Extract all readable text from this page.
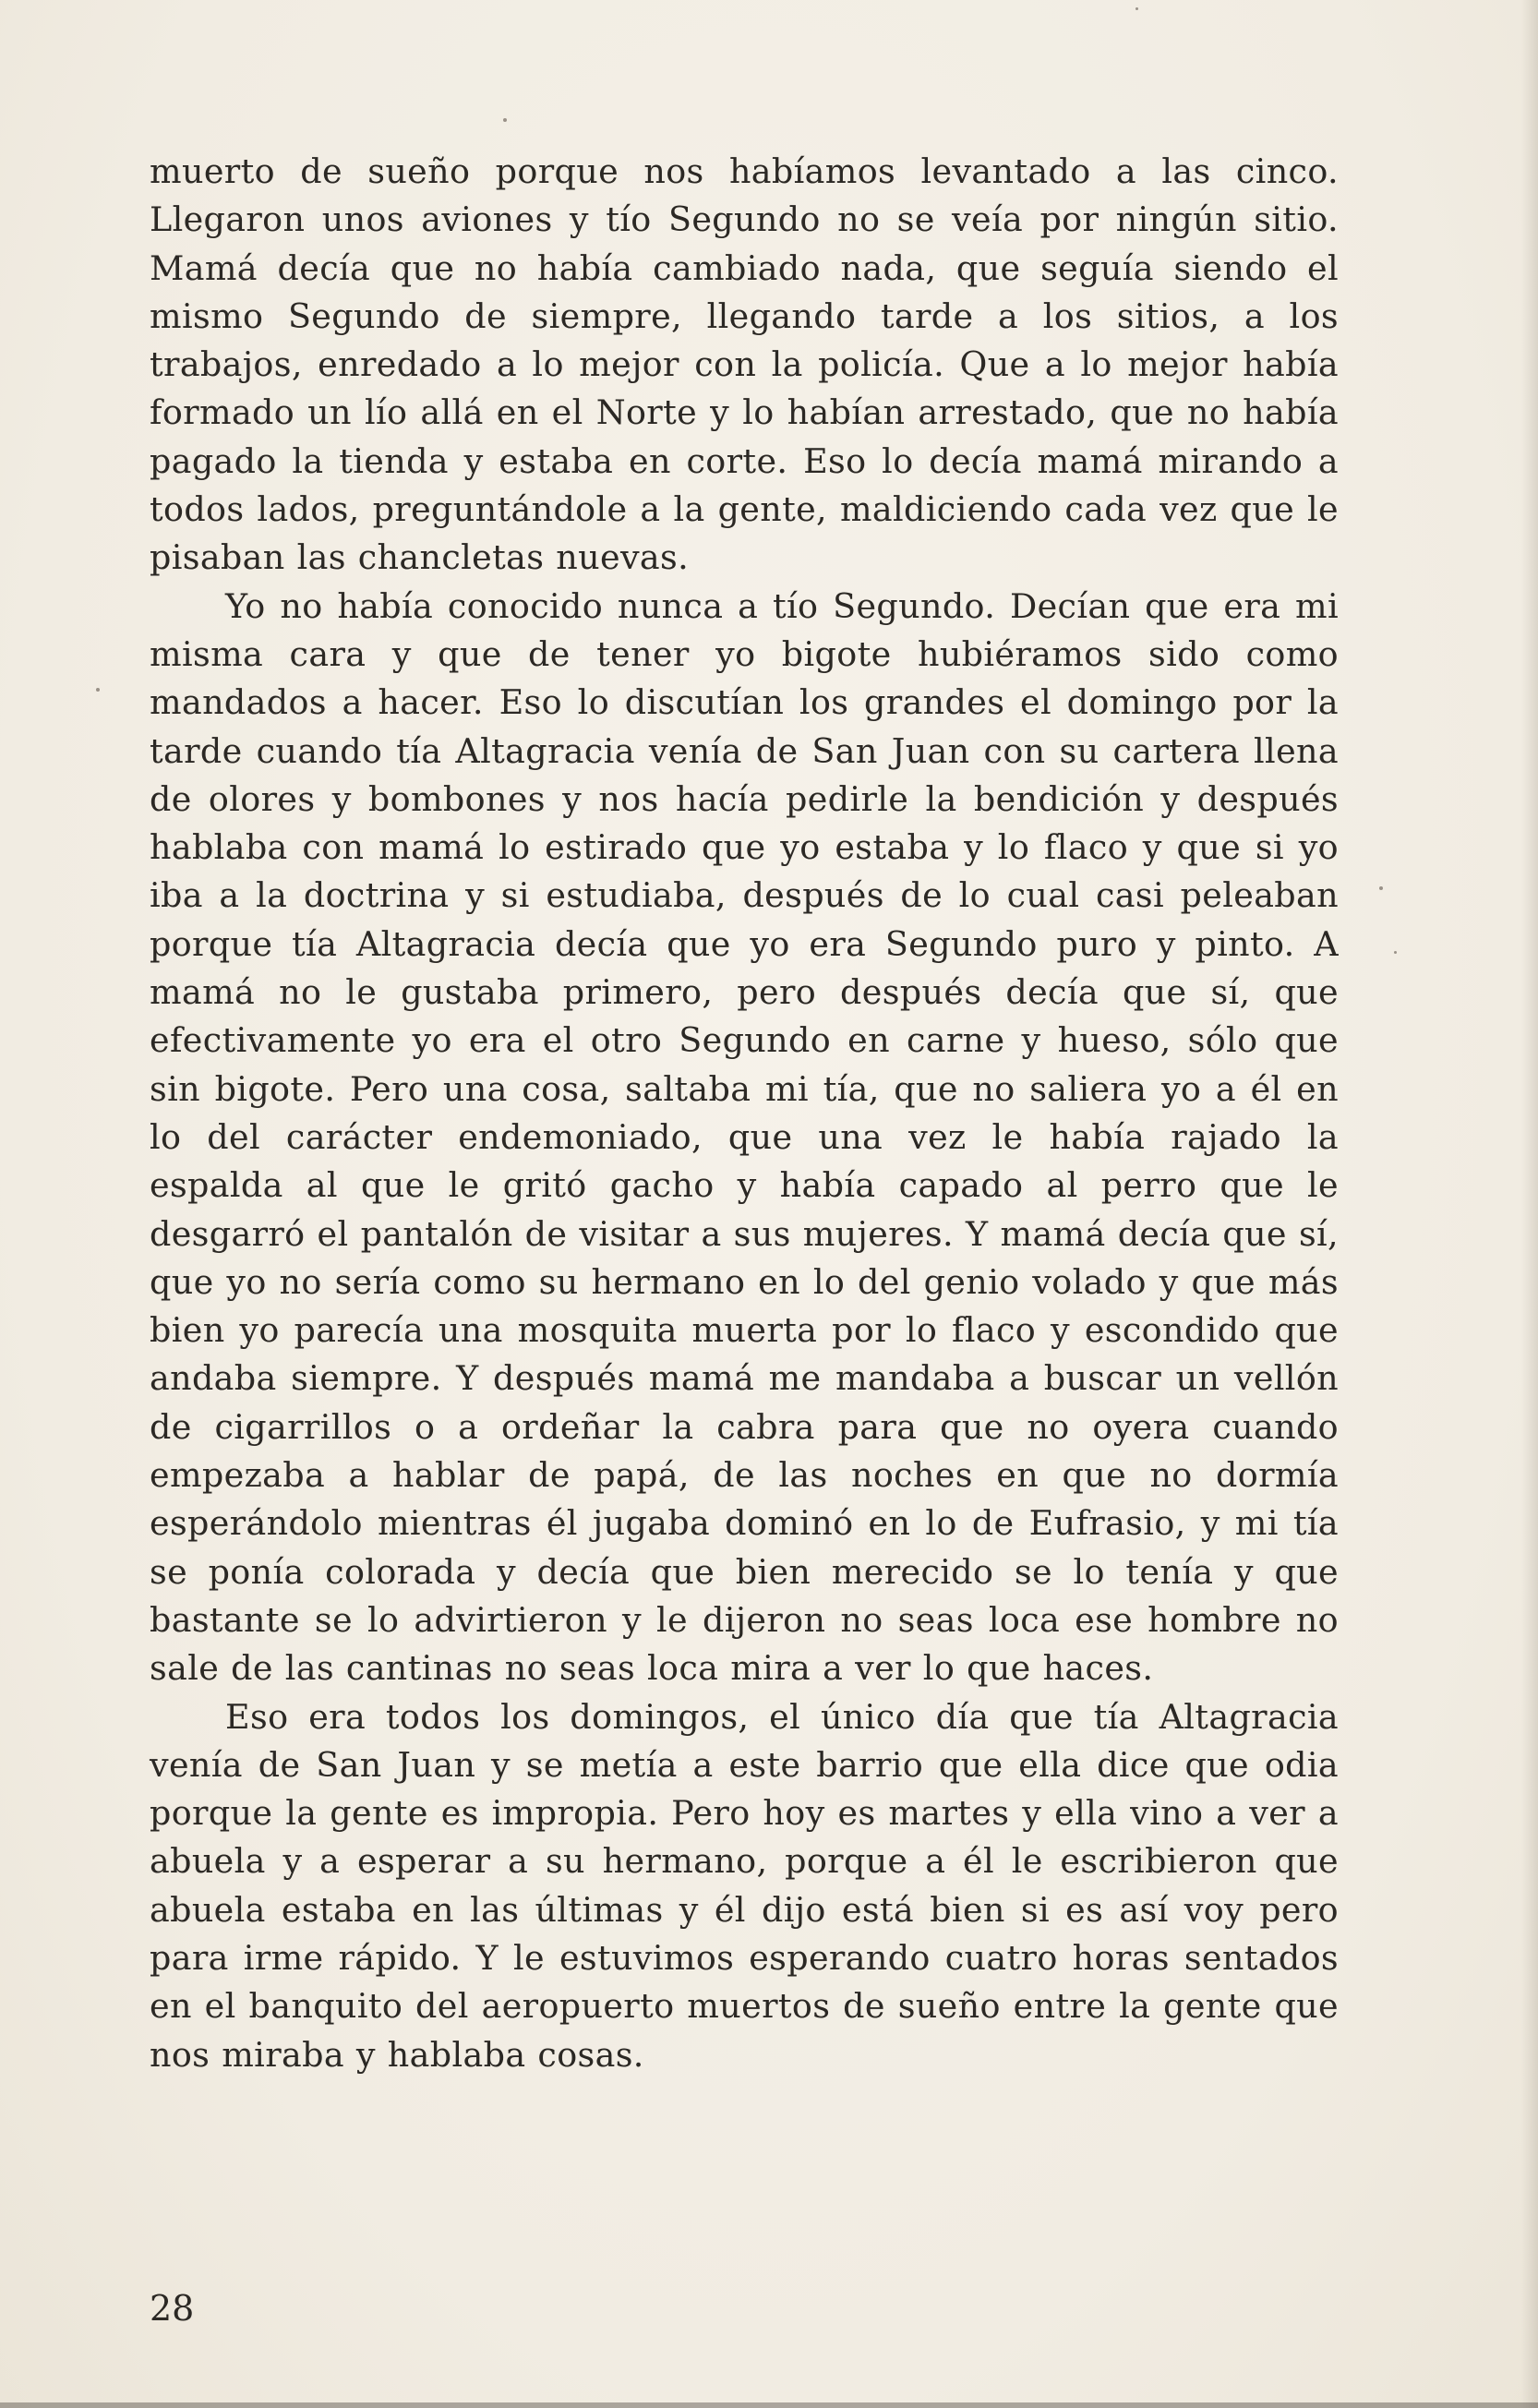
muerto de sueño porque nos habíamos levantado a las cinco. Llegaron unos aviones y tío Segundo no se veía por ningún sitio. Mamá decía que no había cambiado nada, que seguía siendo el mismo Segundo de siempre, llegando tarde a los sitios, a los trabajos, enredado a lo mejor con la policía. Que a lo mejor había formado un lío allá en el Norte y lo habían arrestado, que no había pagado la tienda y estaba en corte. Eso lo decía mamá mirando a todos lados, preguntándole a la gente, maldiciendo cada vez que le pisaban las chancletas nuevas.

Yo no había conocido nunca a tío Segundo. Decían que era mi misma cara y que de tener yo bigote hubiéramos sido como mandados a hacer. Eso lo discutían los grandes el domingo por la tarde cuando tía Altagracia venía de San Juan con su cartera llena de olores y bombones y nos hacía pedirle la bendición y después hablaba con mamá lo estirado que yo estaba y lo flaco y que si yo iba a la doctrina y si estudiaba, después de lo cual casi peleaban porque tía Altagracia decía que yo era Segundo puro y pinto. A mamá no le gustaba primero, pero después decía que sí, que efectivamente yo era el otro Segundo en carne y hueso, sólo que sin bigote. Pero una cosa, saltaba mi tía, que no saliera yo a él en lo del carácter endemoniado, que una vez le había rajado la espalda al que le gritó gacho y había capado al perro que le desgarró el pantalón de visitar a sus mujeres. Y mamá decía que sí, que yo no sería como su hermano en lo del genio volado y que más bien yo parecía una mosquita muerta por lo flaco y escondido que andaba siempre. Y después mamá me mandaba a buscar un vellón de cigarrillos o a ordeñar la cabra para que no oyera cuando empezaba a hablar de papá, de las noches en que no dormía esperándolo mientras él jugaba dominó en lo de Eufrasio, y mi tía se ponía colorada y decía que bien merecido se lo tenía y que bastante se lo advirtieron y le dijeron no seas loca ese hombre no sale de las cantinas no seas loca mira a ver lo que haces.

Eso era todos los domingos, el único día que tía Altagracia venía de San Juan y se metía a este barrio que ella dice que odia porque la gente es impropia. Pero hoy es martes y ella vino a ver a abuela y a esperar a su hermano, porque a él le escribieron que abuela estaba en las últimas y él dijo está bien si es así voy pero para irme rápido. Y le estuvimos esperando cuatro horas sentados en el banquito del aeropuerto muertos de sueño entre la gente que nos miraba y hablaba cosas.

28
